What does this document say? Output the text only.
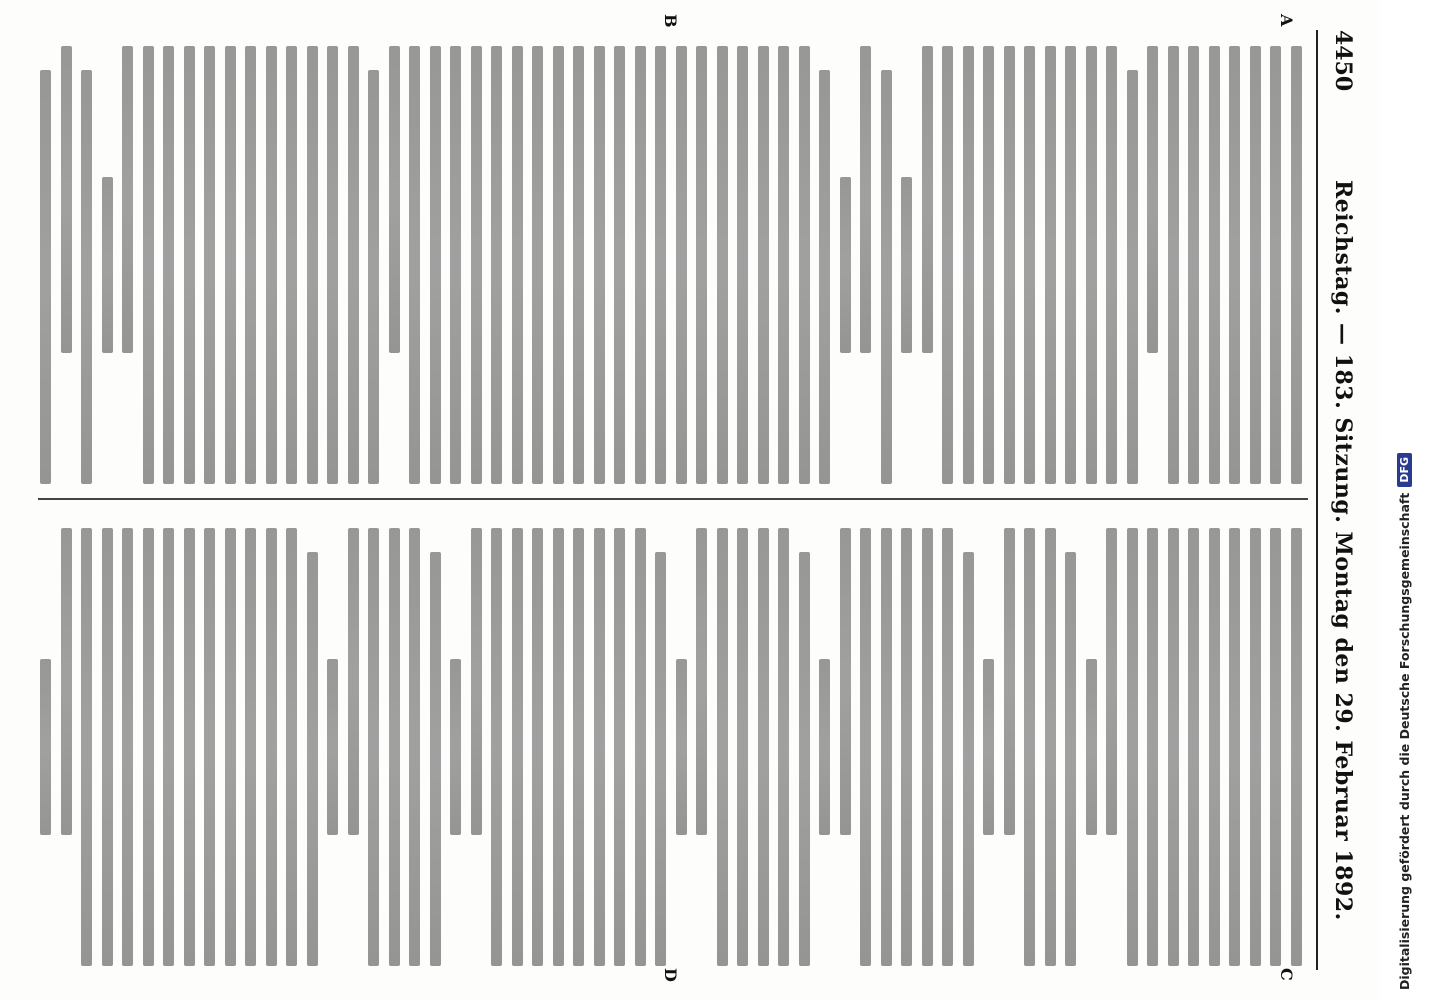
4450
Reichstag. — 183. Sitzung. Montag den 29. Februar 1892.
A
B
C
D	Digitalisierung gefördert durch die Deutsche Forschungsgemeinschaft
DFG
